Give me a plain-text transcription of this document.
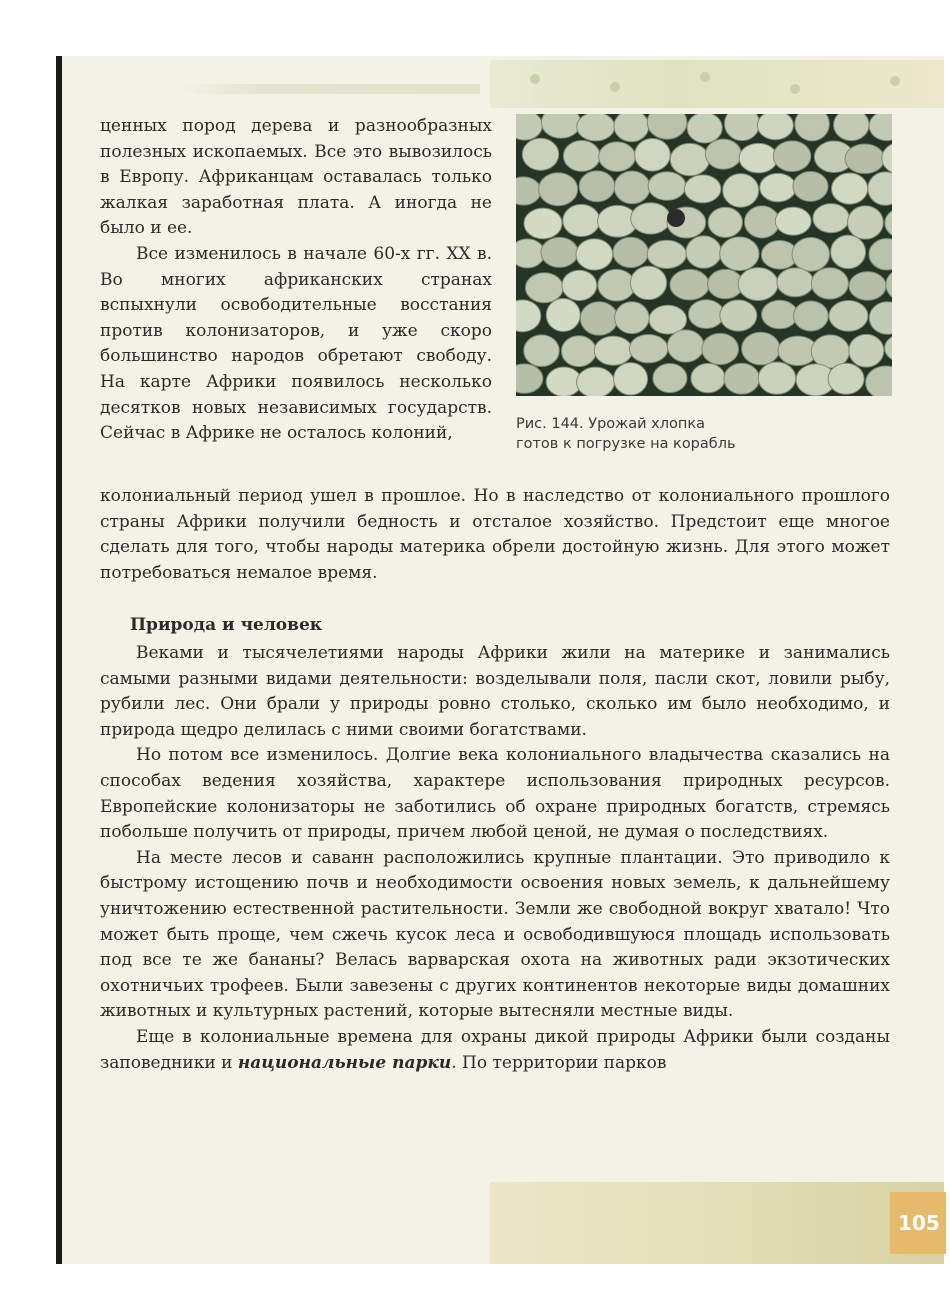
Рис. 144. Урожай хлопка
готов к погрузке на корабль

ценных пород дерева и разнообразных полезных ископаемых. Все это вывозилось в Европу. Африканцам оставалась только жалкая заработная плата. А иногда не было и ее.

Все изменилось в начале 60-х гг. XX в. Во многих африканских странах вспыхнули освободительные восстания против колонизаторов, и уже скоро большинство народов обретают свободу. На карте Африки появилось несколько десятков новых независимых государств. Сейчас в Африке не осталось колоний,

колониальный период ушел в прошлое. Но в наследство от колониального прошлого страны Африки получили бедность и отсталое хозяйство. Предстоит еще многое сделать для того, чтобы народы материка обрели достойную жизнь. Для этого может потребоваться немалое время.

Природа и человек

Веками и тысячелетиями народы Африки жили на материке и занимались самыми разными видами деятельности: возделывали поля, пасли скот, ловили рыбу, рубили лес. Они брали у природы ровно столько, сколько им было необходимо, и природа щедро делилась с ними своими богатствами.

Но потом все изменилось. Долгие века колониального владычества сказались на способах ведения хозяйства, характере использования природных ресурсов. Европейские колонизаторы не заботились об охране природных богатств, стремясь побольше получить от природы, причем любой ценой, не думая о последствиях.

На месте лесов и саванн расположились крупные плантации. Это приводило к быстрому истощению почв и необходимости освоения новых земель, к дальнейшему уничтожению естественной растительности. Земли же свободной вокруг хватало! Что может быть проще, чем сжечь кусок леса и освободившуюся площадь использовать под все те же бананы? Велась варварская охота на животных ради экзотических охотничьих трофеев. Были завезены с других континентов некоторые виды домашних животных и культурных растений, которые вытесняли местные виды.

Еще в колониальные времена для охраны дикой природы Африки были созданы заповедники и национальные парки. По территории парков

105
